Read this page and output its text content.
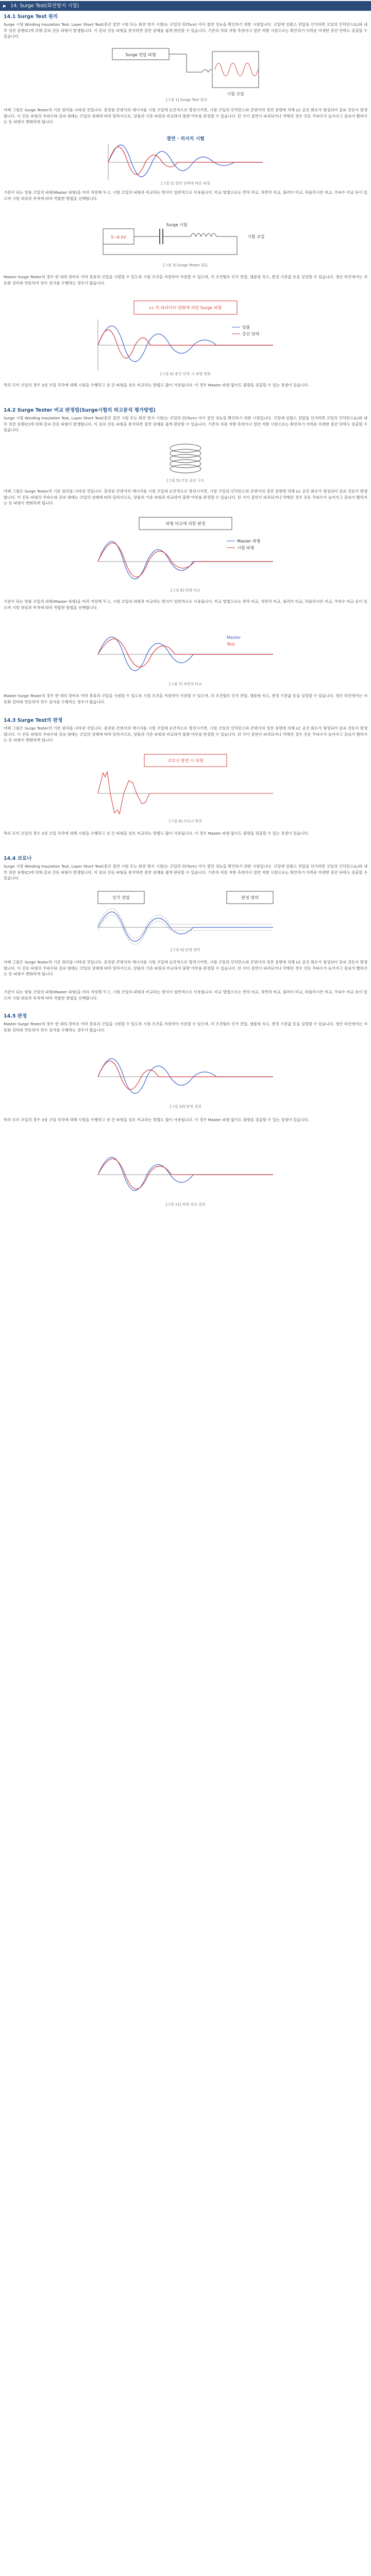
▶ 14. Surge Test(회전방지 시험)
14.1 Surge Test 원리

Surge 시험 Winding Insulation Test, Layer Short Test(층간 절연 시험 또는 회전 방지 시험)는 코일의 턴(Turn) 사이 절연 성능을 확인하기 위한 시험입니다. 코일에 임펄스 전압을 인가하면 코일의 인덕턴스(L)와 내부 정전 용량(C)에 의해 감쇠 진동 파형이 발생합니다. 이 감쇠 진동 파형을 분석하면 절연 상태를 쉽게 판단할 수 있습니다. 기존의 직류 저항 측정이나 절연 저항 시험으로는 확인하기 어려운 미세한 층간 단락도 검출할 수 있습니다.

Surge 전압 파형
시험 코일
[그림 1] Surge Test 원리

아래 그림은 Surge Tester의 기본 원리를 나타낸 것입니다. 충전된 콘덴서의 에너지를 시험 코일에 순간적으로 방전시키면, 시험 코일의 인덕턴스와 콘덴서의 정전 용량에 의해 LC 공진 회로가 형성되어 감쇠 진동이 발생합니다. 이 진동 파형의 주파수와 감쇠 형태는 코일의 상태에 따라 달라지므로, 양품의 기준 파형과 비교하여 불량 여부를 판정할 수 있습니다. 턴 사이 절연이 파괴되거나 약해진 경우 진동 주파수가 높아지고 감쇠가 빨라지는 등 파형이 변화하게 됩니다.

절연 · 리서지 시험
[그림 2] 절연 상태에 따른 파형

기준이 되는 양품 코일의 파형(Master 파형)을 미리 저장해 두고, 시험 코일의 파형과 비교하는 방식이 일반적으로 사용됩니다. 비교 방법으로는 면적 비교, 차면적 비교, 플러터 비교, 라플라시안 비교, 주파수 비교 등이 있으며 시험 대상과 목적에 따라 적합한 방법을 선택합니다.

5~6 kV
Surge 시험
시험 코일
[그림 3] Surge Tester 회로

Master Surge Tester의 경우 한 대의 장비로 여러 종류의 코일을 시험할 수 있도록 시험 조건을 저장하여 사용할 수 있으며, 각 조건별로 인가 전압, 샘플링 속도, 판정 기준값 등을 설정할 수 있습니다. 생산 라인에서는 자동화 설비와 연동하여 전수 검사를 수행하는 경우가 많습니다.

Lc 각 파라미터 변화에 의한 Surge 파형
양품
층간 단락
[그림 4] 층간 단락 시 파형 변화

특히 모터 코일의 경우 3상 코일 각각에 대해 시험을 수행하고 상 간 파형을 상호 비교하는 방법도 많이 사용됩니다. 이 경우 Master 파형 없이도 불량을 검출할 수 있는 장점이 있습니다.

14.2 Surge Tester 비교 판정법(Surge시험의 파고분석 평가방법)

Surge 시험 Winding Insulation Test, Layer Short Test(층간 절연 시험 또는 회전 방지 시험)는 코일의 턴(Turn) 사이 절연 성능을 확인하기 위한 시험입니다. 코일에 임펄스 전압을 인가하면 코일의 인덕턴스(L)와 내부 정전 용량(C)에 의해 감쇠 진동 파형이 발생합니다. 이 감쇠 진동 파형을 분석하면 절연 상태를 쉽게 판단할 수 있습니다. 기존의 직류 저항 측정이나 절연 저항 시험으로는 확인하기 어려운 미세한 층간 단락도 검출할 수 있습니다.

[그림 5] 코일 권선 구조

아래 그림은 Surge Tester의 기본 원리를 나타낸 것입니다. 충전된 콘덴서의 에너지를 시험 코일에 순간적으로 방전시키면, 시험 코일의 인덕턴스와 콘덴서의 정전 용량에 의해 LC 공진 회로가 형성되어 감쇠 진동이 발생합니다. 이 진동 파형의 주파수와 감쇠 형태는 코일의 상태에 따라 달라지므로, 양품의 기준 파형과 비교하여 불량 여부를 판정할 수 있습니다. 턴 사이 절연이 파괴되거나 약해진 경우 진동 주파수가 높아지고 감쇠가 빨라지는 등 파형이 변화하게 됩니다.

파형 비교에 의한 판정
Master 파형
시험 파형
[그림 6] 파형 비교

기준이 되는 양품 코일의 파형(Master 파형)을 미리 저장해 두고, 시험 코일의 파형과 비교하는 방식이 일반적으로 사용됩니다. 비교 방법으로는 면적 비교, 차면적 비교, 플러터 비교, 라플라시안 비교, 주파수 비교 등이 있으며 시험 대상과 목적에 따라 적합한 방법을 선택합니다.

Master
Test
[그림 7] 차면적 비교

Master Surge Tester의 경우 한 대의 장비로 여러 종류의 코일을 시험할 수 있도록 시험 조건을 저장하여 사용할 수 있으며, 각 조건별로 인가 전압, 샘플링 속도, 판정 기준값 등을 설정할 수 있습니다. 생산 라인에서는 자동화 설비와 연동하여 전수 검사를 수행하는 경우가 많습니다.

14.3 Surge Test의 판정

아래 그림은 Surge Tester의 기본 원리를 나타낸 것입니다. 충전된 콘덴서의 에너지를 시험 코일에 순간적으로 방전시키면, 시험 코일의 인덕턴스와 콘덴서의 정전 용량에 의해 LC 공진 회로가 형성되어 감쇠 진동이 발생합니다. 이 진동 파형의 주파수와 감쇠 형태는 코일의 상태에 따라 달라지므로, 양품의 기준 파형과 비교하여 불량 여부를 판정할 수 있습니다. 턴 사이 절연이 파괴되거나 약해진 경우 진동 주파수가 높아지고 감쇠가 빨라지는 등 파형이 변화하게 됩니다.

코로나 방전 시 파형
[그림 8] 코로나 방전

특히 모터 코일의 경우 3상 코일 각각에 대해 시험을 수행하고 상 간 파형을 상호 비교하는 방법도 많이 사용됩니다. 이 경우 Master 파형 없이도 불량을 검출할 수 있는 장점이 있습니다.

14.4 코로나

Surge 시험 Winding Insulation Test, Layer Short Test(층간 절연 시험 또는 회전 방지 시험)는 코일의 턴(Turn) 사이 절연 성능을 확인하기 위한 시험입니다. 코일에 임펄스 전압을 인가하면 코일의 인덕턴스(L)와 내부 정전 용량(C)에 의해 감쇠 진동 파형이 발생합니다. 이 감쇠 진동 파형을 분석하면 절연 상태를 쉽게 판단할 수 있습니다. 기존의 직류 저항 측정이나 절연 저항 시험으로는 확인하기 어려운 미세한 층간 단락도 검출할 수 있습니다.

인가 전압	판정 영역
[그림 9] 판정 영역

아래 그림은 Surge Tester의 기본 원리를 나타낸 것입니다. 충전된 콘덴서의 에너지를 시험 코일에 순간적으로 방전시키면, 시험 코일의 인덕턴스와 콘덴서의 정전 용량에 의해 LC 공진 회로가 형성되어 감쇠 진동이 발생합니다. 이 진동 파형의 주파수와 감쇠 형태는 코일의 상태에 따라 달라지므로, 양품의 기준 파형과 비교하여 불량 여부를 판정할 수 있습니다. 턴 사이 절연이 파괴되거나 약해진 경우 진동 주파수가 높아지고 감쇠가 빨라지는 등 파형이 변화하게 됩니다.

기준이 되는 양품 코일의 파형(Master 파형)을 미리 저장해 두고, 시험 코일의 파형과 비교하는 방식이 일반적으로 사용됩니다. 비교 방법으로는 면적 비교, 차면적 비교, 플러터 비교, 라플라시안 비교, 주파수 비교 등이 있으며 시험 대상과 목적에 따라 적합한 방법을 선택합니다.

14.5 판정

Master Surge Tester의 경우 한 대의 장비로 여러 종류의 코일을 시험할 수 있도록 시험 조건을 저장하여 사용할 수 있으며, 각 조건별로 인가 전압, 샘플링 속도, 판정 기준값 등을 설정할 수 있습니다. 생산 라인에서는 자동화 설비와 연동하여 전수 검사를 수행하는 경우가 많습니다.

[그림 10] 판정 결과

특히 모터 코일의 경우 3상 코일 각각에 대해 시험을 수행하고 상 간 파형을 상호 비교하는 방법도 많이 사용됩니다. 이 경우 Master 파형 없이도 불량을 검출할 수 있는 장점이 있습니다.

[그림 11] 파형 비교 결과
